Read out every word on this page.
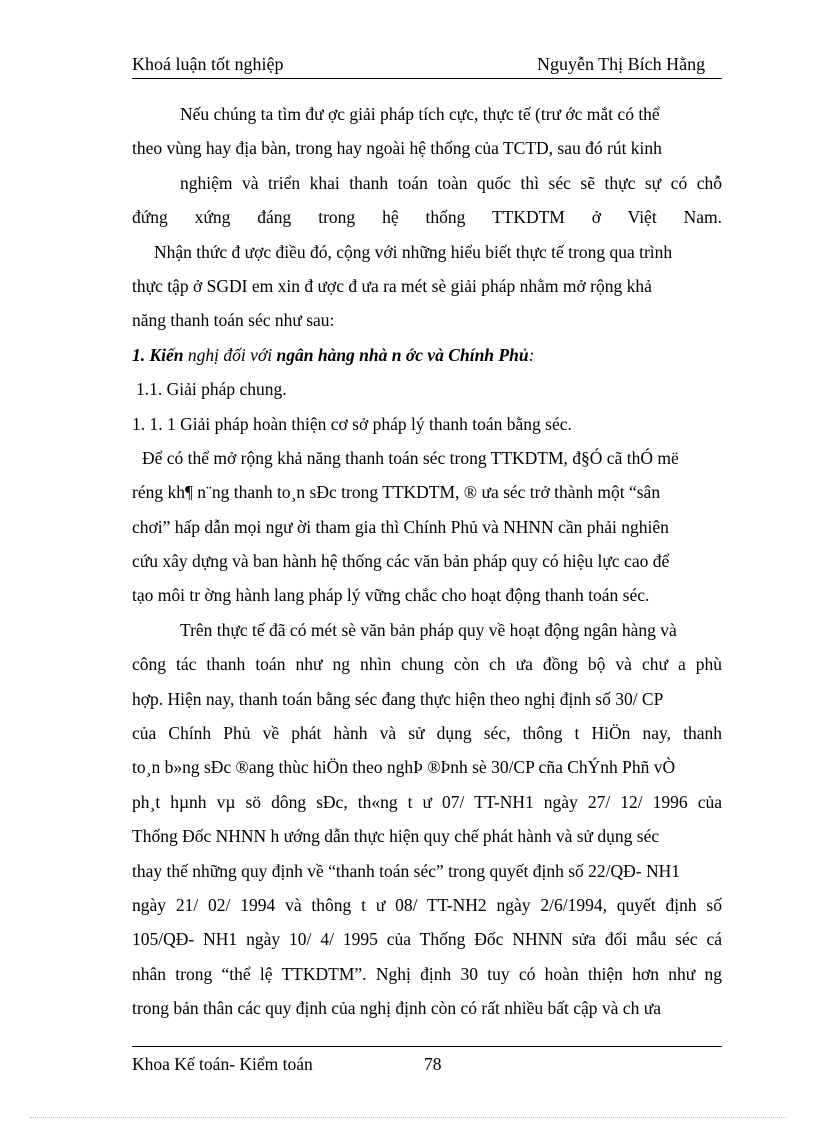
Khoá luận tốt nghiệp	Nguyễn Thị Bích Hằng
Nếu chúng ta tìm đư ợc giải pháp tích cực, thực tế (trư ớc mắt có thể
theo vùng hay địa bàn, trong hay ngoài hệ thống của TCTD, sau đó rút kinh
nghiệm và triển khai thanh toán toàn quốc thì séc sẽ thực sự có chỗ
đứng xứng đáng trong hệ thống TTKDTM ở Việt Nam.
Nhận thức đ ược điều đó, cộng với những hiểu biết thực tế trong qua trình
thực tập ở SGDI em xin đ ược đ ưa ra mét sè giải pháp nhằm mở rộng khả
năng thanh toán séc như sau:
1. Kiến nghị đối với ngân hàng nhà n ớc và Chính Phủ:
1.1. Giải pháp chung.
1. 1. 1 Giải pháp hoàn thiện cơ sở pháp lý thanh toán bằng séc.
Để có thể mở rộng khả năng thanh toán séc trong TTKDTM, đ§Ó cã thÓ më
réng kh¶ n¨ng thanh to¸n sÐc trong TTKDTM, ® ưa séc trở thành một “sân
chơi” hấp dẫn mọi ngư ời tham gia thì Chính Phủ và NHNN cần phải nghiên
cứu xây dựng và ban hành hệ thống các văn bản pháp quy có hiệu lực cao để
tạo môi tr ờng hành lang pháp lý vững chắc cho hoạt động thanh toán séc.
Trên thực tế đã có mét sè văn bản pháp quy về hoạt động ngân hàng và
công tác thanh toán như ng nhìn chung còn ch ưa đồng bộ và chư a phù
hợp. Hiện nay, thanh toán bằng séc đang thực hiện theo nghị định số 30/ CP
của Chính Phủ về phát hành và sử dụng séc, thông t HiÖn nay, thanh
to¸n b»ng sÐc ®ang thùc hiÖn theo nghÞ ®Þnh sè 30/CP cña ChÝnh Phñ vÒ
ph¸t hµnh vµ sö dông sÐc, th«ng t ư 07/ TT-NH1 ngày 27/ 12/ 1996 của
Thống Đốc NHNN h ướng dẫn thực hiện quy chế phát hành và sử dụng séc
thay thế những quy định về “thanh toán séc” trong quyết định số 22/QĐ- NH1
ngày 21/ 02/ 1994 và thông t ư 08/ TT-NH2 ngày 2/6/1994, quyết định số
105/QĐ- NH1 ngày 10/ 4/ 1995 của Thống Đốc NHNN sửa đổi mẫu séc cá
nhân trong “thể lệ TTKDTM”. Nghị định 30 tuy có hoàn thiện hơn như ng
trong bản thân các quy định của nghị định còn có rất nhiều bất cập và ch ưa
Khoa Kế toán- Kiểm toán	78
